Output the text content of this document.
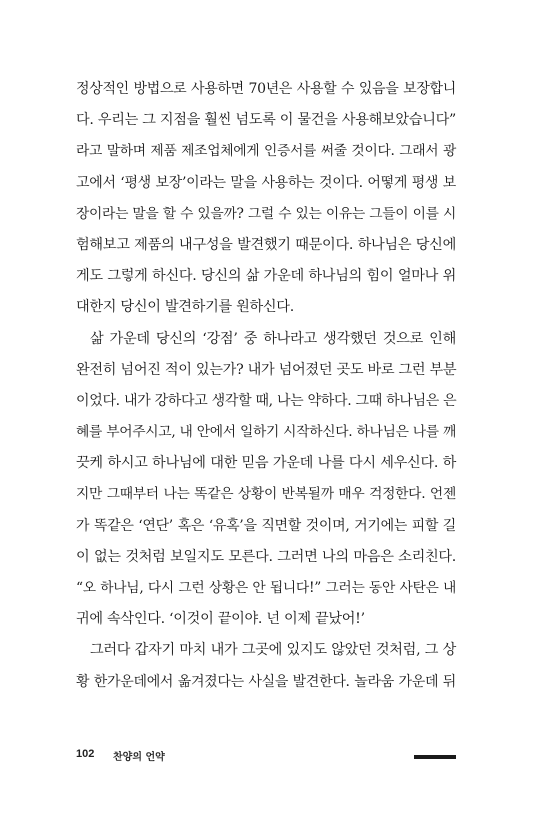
정상적인 방법으로 사용하면 70년은 사용할 수 있음을 보장합니
다. 우리는 그 지점을 훨씬 넘도록 이 물건을 사용해보았습니다”
라고 말하며 제품 제조업체에게 인증서를 써줄 것이다. 그래서 광
고에서 ‘평생 보장’이라는 말을 사용하는 것이다. 어떻게 평생 보
장이라는 말을 할 수 있을까? 그럴 수 있는 이유는 그들이 이를 시
험해보고 제품의 내구성을 발견했기 때문이다. 하나님은 당신에
게도 그렇게 하신다. 당신의 삶 가운데 하나님의 힘이 얼마나 위
대한지 당신이 발견하기를 원하신다.
삶 가운데 당신의 ‘강점’ 중 하나라고 생각했던 것으로 인해
완전히 넘어진 적이 있는가? 내가 넘어졌던 곳도 바로 그런 부분
이었다. 내가 강하다고 생각할 때, 나는 약하다. 그때 하나님은 은
혜를 부어주시고, 내 안에서 일하기 시작하신다. 하나님은 나를 깨
끗케 하시고 하나님에 대한 믿음 가운데 나를 다시 세우신다. 하
지만 그때부터 나는 똑같은 상황이 반복될까 매우 걱정한다. 언젠
가 똑같은 ‘연단’ 혹은 ‘유혹’을 직면할 것이며, 거기에는 피할 길
이 없는 것처럼 보일지도 모른다. 그러면 나의 마음은 소리친다.
“오 하나님, 다시 그런 상황은 안 됩니다!” 그러는 동안 사탄은 내
귀에 속삭인다. ‘이것이 끝이야. 넌 이제 끝났어!’
그러다 갑자기 마치 내가 그곳에 있지도 않았던 것처럼, 그 상
황 한가운데에서 옮겨졌다는 사실을 발견한다. 놀라움 가운데 뒤
102 찬양의 언약
